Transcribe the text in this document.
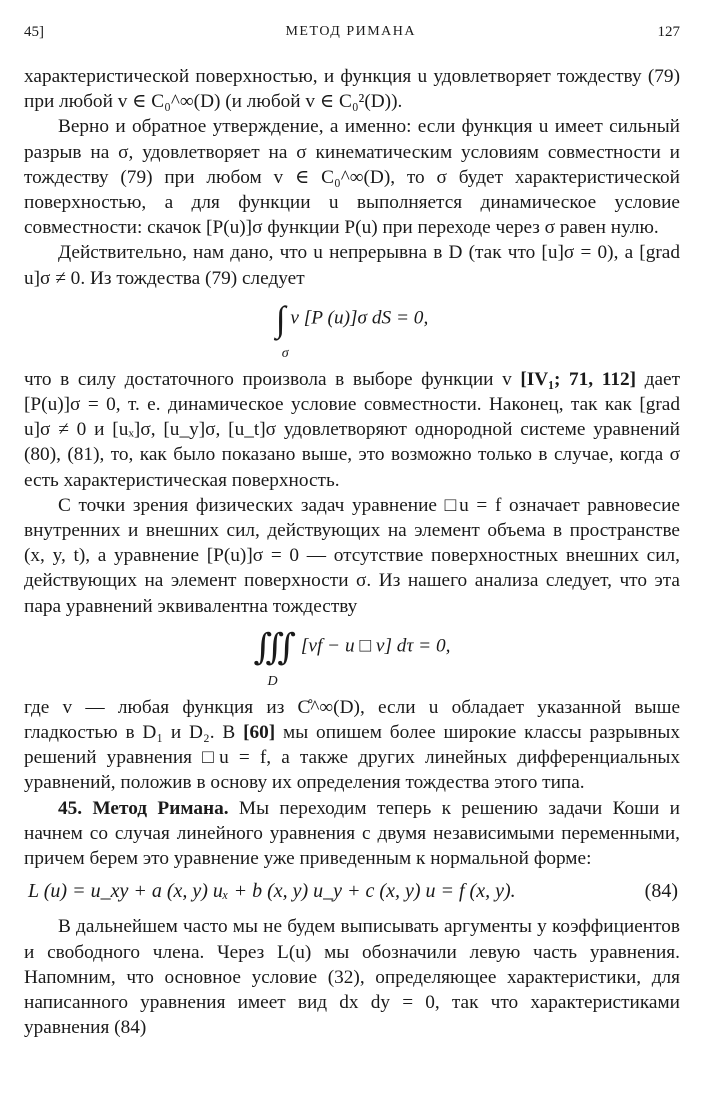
45]	МЕТОД РИМАНА	127

характеристической поверхностью, и функция u удовлетворяет тождеству (79) при любой v ∈ C₀^∞(D) (и любой v ∈ C₀²(D)).

Верно и обратное утверждение, а именно: если функция u имеет сильный разрыв на σ, удовлетворяет на σ кинематическим условиям совместности и тождеству (79) при любом v ∈ C₀^∞(D), то σ будет характеристической поверхностью, а для функции u выполняется динамическое условие совместности: скачок [P(u)]σ функции P(u) при переходе через σ равен нулю.

Действительно, нам дано, что u непрерывна в D (так что [u]σ = 0), а [grad u]σ ≠ 0. Из тождества (79) следует

∫ v [P (u)]σ dS = 0,
σ

что в силу достаточного произвола в выборе функции v [IV₁; 71, 112] дает [P(u)]σ = 0, т. е. динамическое условие совместности. Наконец, так как [grad u]σ ≠ 0 и [uₓ]σ, [u_y]σ, [u_t]σ удовлетворяют однородной системе уравнений (80), (81), то, как было показано выше, это возможно только в случае, когда σ есть характеристическая поверхность.

С точки зрения физических задач уравнение □u = f означает равновесие внутренних и внешних сил, действующих на элемент объема в пространстве (x, y, t), а уравнение [P(u)]σ = 0 — отсутствие поверхностных внешних сил, действующих на элемент поверхности σ. Из нашего анализа следует, что эта пара уравнений эквивалентна тождеству

∭ [vf − u □ v] dτ = 0,
D

где v — любая функция из C̊^∞(D), если u обладает указанной выше гладкостью в D₁ и D₂. В [60] мы опишем более широкие классы разрывных решений уравнения □u = f, а также других линейных дифференциальных уравнений, положив в основу их определения тождества этого типа.

45. Метод Римана. Мы переходим теперь к решению задачи Коши и начнем со случая линейного уравнения с двумя независимыми переменными, причем берем это уравнение уже приведенным к нормальной форме:

L (u) = u_xy + a (x, y) uₓ + b (x, y) u_y + c (x, y) u = f (x, y).	(84)

В дальнейшем часто мы не будем выписывать аргументы у коэффициентов и свободного члена. Через L(u) мы обозначили левую часть уравнения. Напомним, что основное условие (32), определяющее характеристики, для написанного уравнения имеет вид dx dy = 0, так что характеристиками уравнения (84)
